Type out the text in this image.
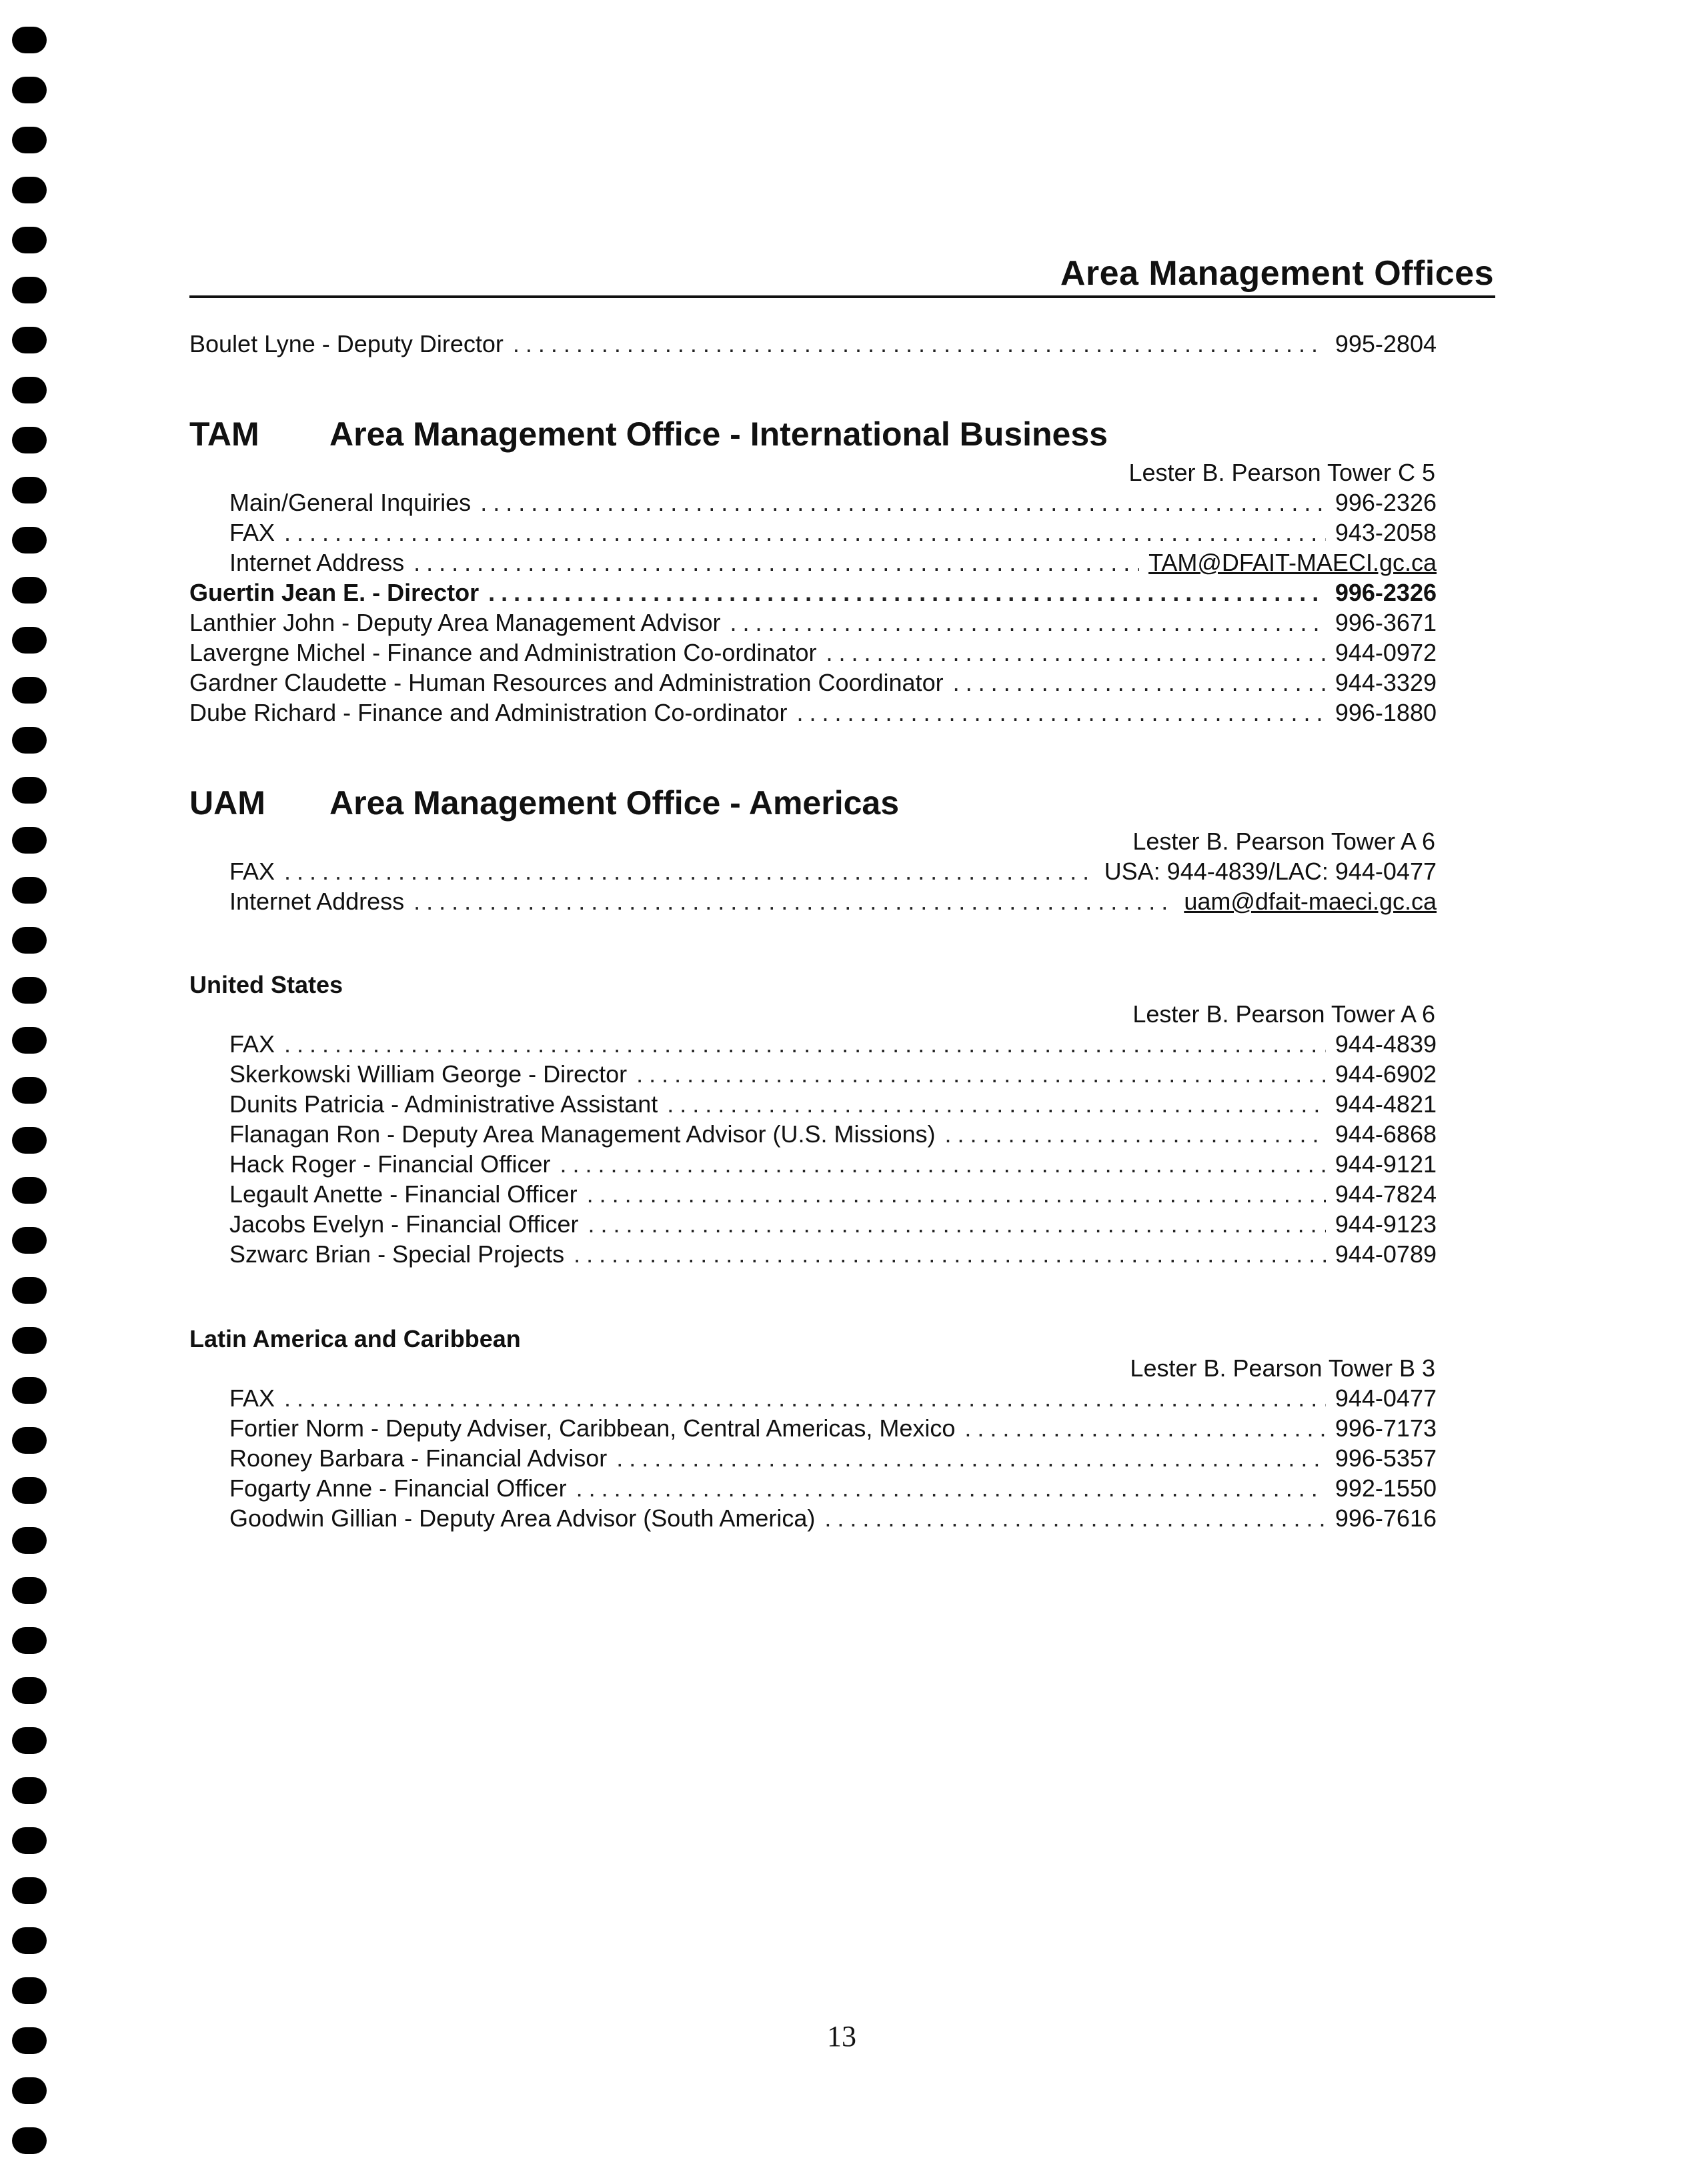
Area Management Offices
Boulet Lyne - Deputy Director .....	995-2804
TAM Area Management Office - International Business
Lester B. Pearson Tower C 5
Main/General Inquiries .....	996-2326
FAX .....	943-2058
Internet Address .....	TAM@DFAIT-MAECI.gc.ca
Guertin Jean E. - Director .....	996-2326
Lanthier John - Deputy Area Management Advisor .....	996-3671
Lavergne Michel - Finance and Administration Co-ordinator .....	944-0972
Gardner Claudette - Human Resources and Administration Coordinator .....	944-3329
Dube Richard - Finance and Administration Co-ordinator .....	996-1880
UAM Area Management Office - Americas
Lester B. Pearson Tower A 6
FAX .....	USA: 944-4839/LAC: 944-0477
Internet Address .....	uam@dfait-maeci.gc.ca
United States
Lester B. Pearson Tower A 6
FAX .....	944-4839
Skerkowski William George - Director .....	944-6902
Dunits Patricia - Administrative Assistant .....	944-4821
Flanagan Ron - Deputy Area Management Advisor (U.S. Missions) .....	944-6868
Hack Roger - Financial Officer .....	944-9121
Legault Anette - Financial Officer .....	944-7824
Jacobs Evelyn - Financial Officer .....	944-9123
Szwarc Brian - Special Projects .....	944-0789
Latin America and Caribbean
Lester B. Pearson Tower B 3
FAX .....	944-0477
Fortier Norm - Deputy Adviser, Caribbean, Central Americas, Mexico .....	996-7173
Rooney Barbara - Financial Advisor .....	996-5357
Fogarty Anne - Financial Officer .....	992-1550
Goodwin Gillian - Deputy Area Advisor (South America) .....	996-7616
13
